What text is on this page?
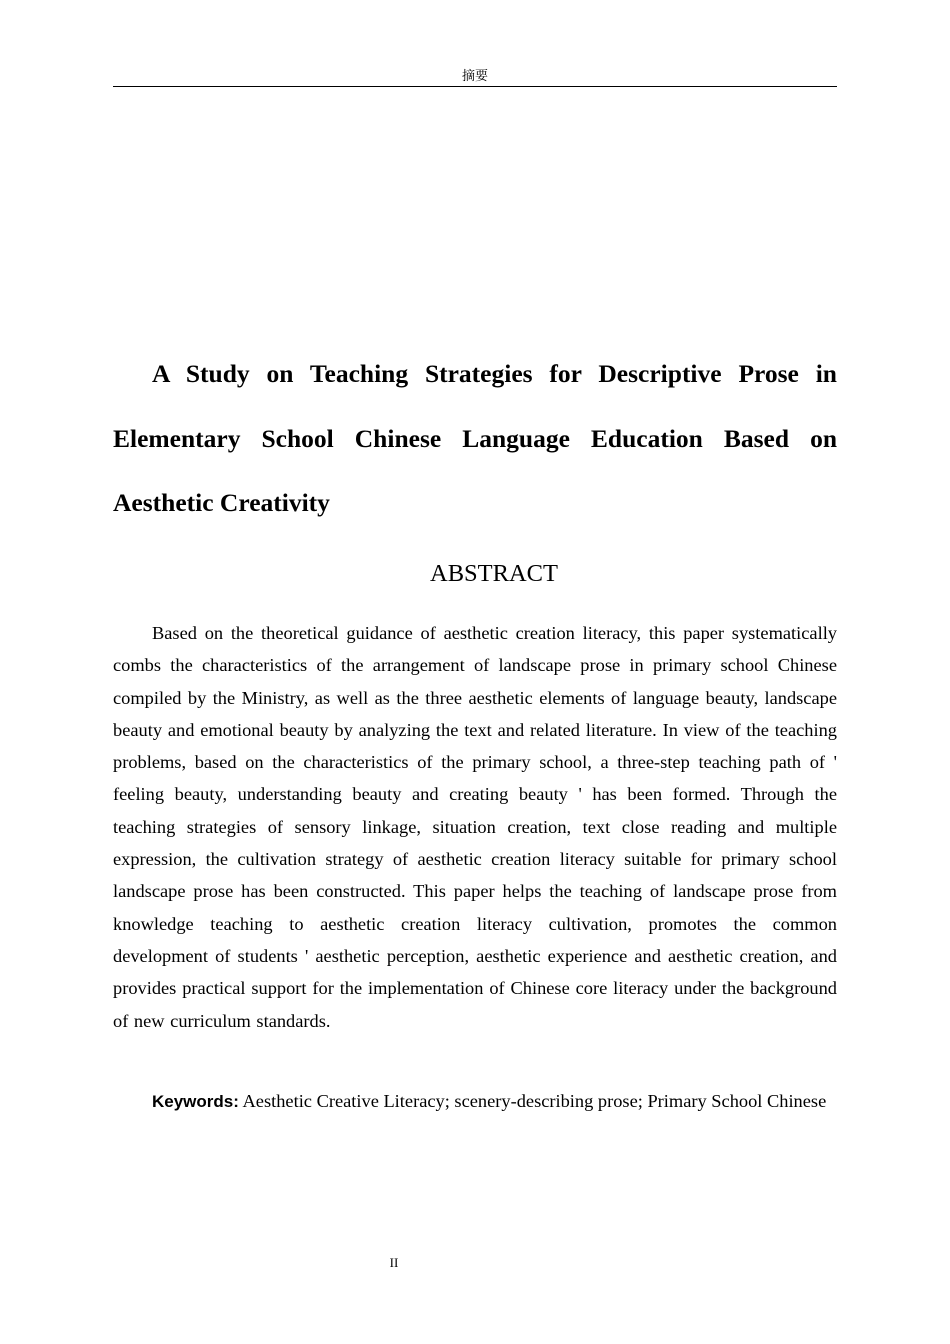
摘要
A Study on Teaching Strategies for Descriptive Prose in Elementary School Chinese Language Education Based on Aesthetic Creativity
ABSTRACT

Based on the theoretical guidance of aesthetic creation literacy, this paper systematically combs the characteristics of the arrangement of landscape prose in primary school Chinese compiled by the Ministry, as well as the three aesthetic elements of language beauty, landscape beauty and emotional beauty by analyzing the text and related literature. In view of the teaching problems, based on the characteristics of the primary school, a three-step teaching path of ' feeling beauty, understanding beauty and creating beauty ' has been formed. Through the teaching strategies of sensory linkage, situation creation, text close reading and multiple expression, the cultivation strategy of aesthetic creation literacy suitable for primary school landscape prose has been constructed. This paper helps the teaching of landscape prose from knowledge teaching to aesthetic creation literacy cultivation, promotes the common development of students ' aesthetic perception, aesthetic experience and aesthetic creation, and provides practical support for the implementation of Chinese core literacy under the background of new curriculum standards.

Keywords: Aesthetic Creative Literacy; scenery-describing prose; Primary School Chinese

II
